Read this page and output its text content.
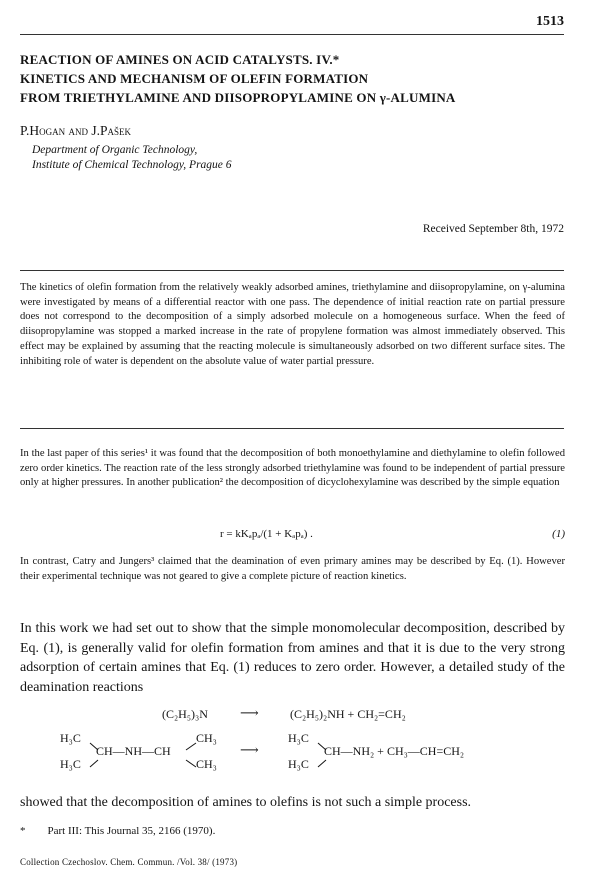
1513
REACTION OF AMINES ON ACID CATALYSTS. IV.*
KINETICS AND MECHANISM OF OLEFIN FORMATION
FROM TRIETHYLAMINE AND DIISOPROPYLAMINE ON γ-ALUMINA
P.Hogan and J.Pašek
Department of Organic Technology,
Institute of Chemical Technology, Prague 6
Received September 8th, 1972
The kinetics of olefin formation from the relatively weakly adsorbed amines, triethylamine and diisopropylamine, on γ-alumina were investigated by means of a differential reactor with one pass. The dependence of initial reaction rate on partial pressure does not correspond to the decomposition of a simply adsorbed molecule on a homogeneous surface. When the feed of diisopropylamine was stopped a marked increase in the rate of propylene formation was almost immediately observed. This effect may be explained by assuming that the reacting molecule is simultaneously adsorbed on two different surface sites. The inhibiting role of water is dependent on the absolute value of water partial pressure.
In the last paper of this series¹ it was found that the decomposition of both monoethylamine and diethylamine to olefin followed zero order kinetics. The reaction rate of the less strongly adsorbed triethylamine was found to be independent of partial pressure only at higher pressures. In another publication² the decomposition of dicyclohexylamine was described by the simple equation
r = kKₐpₐ/(1 + Kₐpₐ) .	(1)
In contrast, Catry and Jungers³ claimed that the deamination of even primary amines may be described by Eq. (1). However their experimental technique was not geared to give a complete picture of reaction kinetics.
In this work we had set out to show that the simple monomolecular decomposition, described by Eq. (1), is generally valid for olefin formation from amines and that it is due to the very strong adsorption of certain amines that Eq. (1) reduces to zero order. However, a detailed study of the deamination reactions
(C₂H₅)₃N ⟶	(C₂H₅)₂NH + CH₂=CH₂
H₃C
H₃C
CH—NH—CH
CH₃
CH₃
⟶
H₃C
H₃C
CH—NH₂ + CH₃—CH=CH₂
showed that the decomposition of amines to olefins is not such a simple process.
* Part III: This Journal 35, 2166 (1970).
Collection Czechoslov. Chem. Commun. /Vol. 38/ (1973)
